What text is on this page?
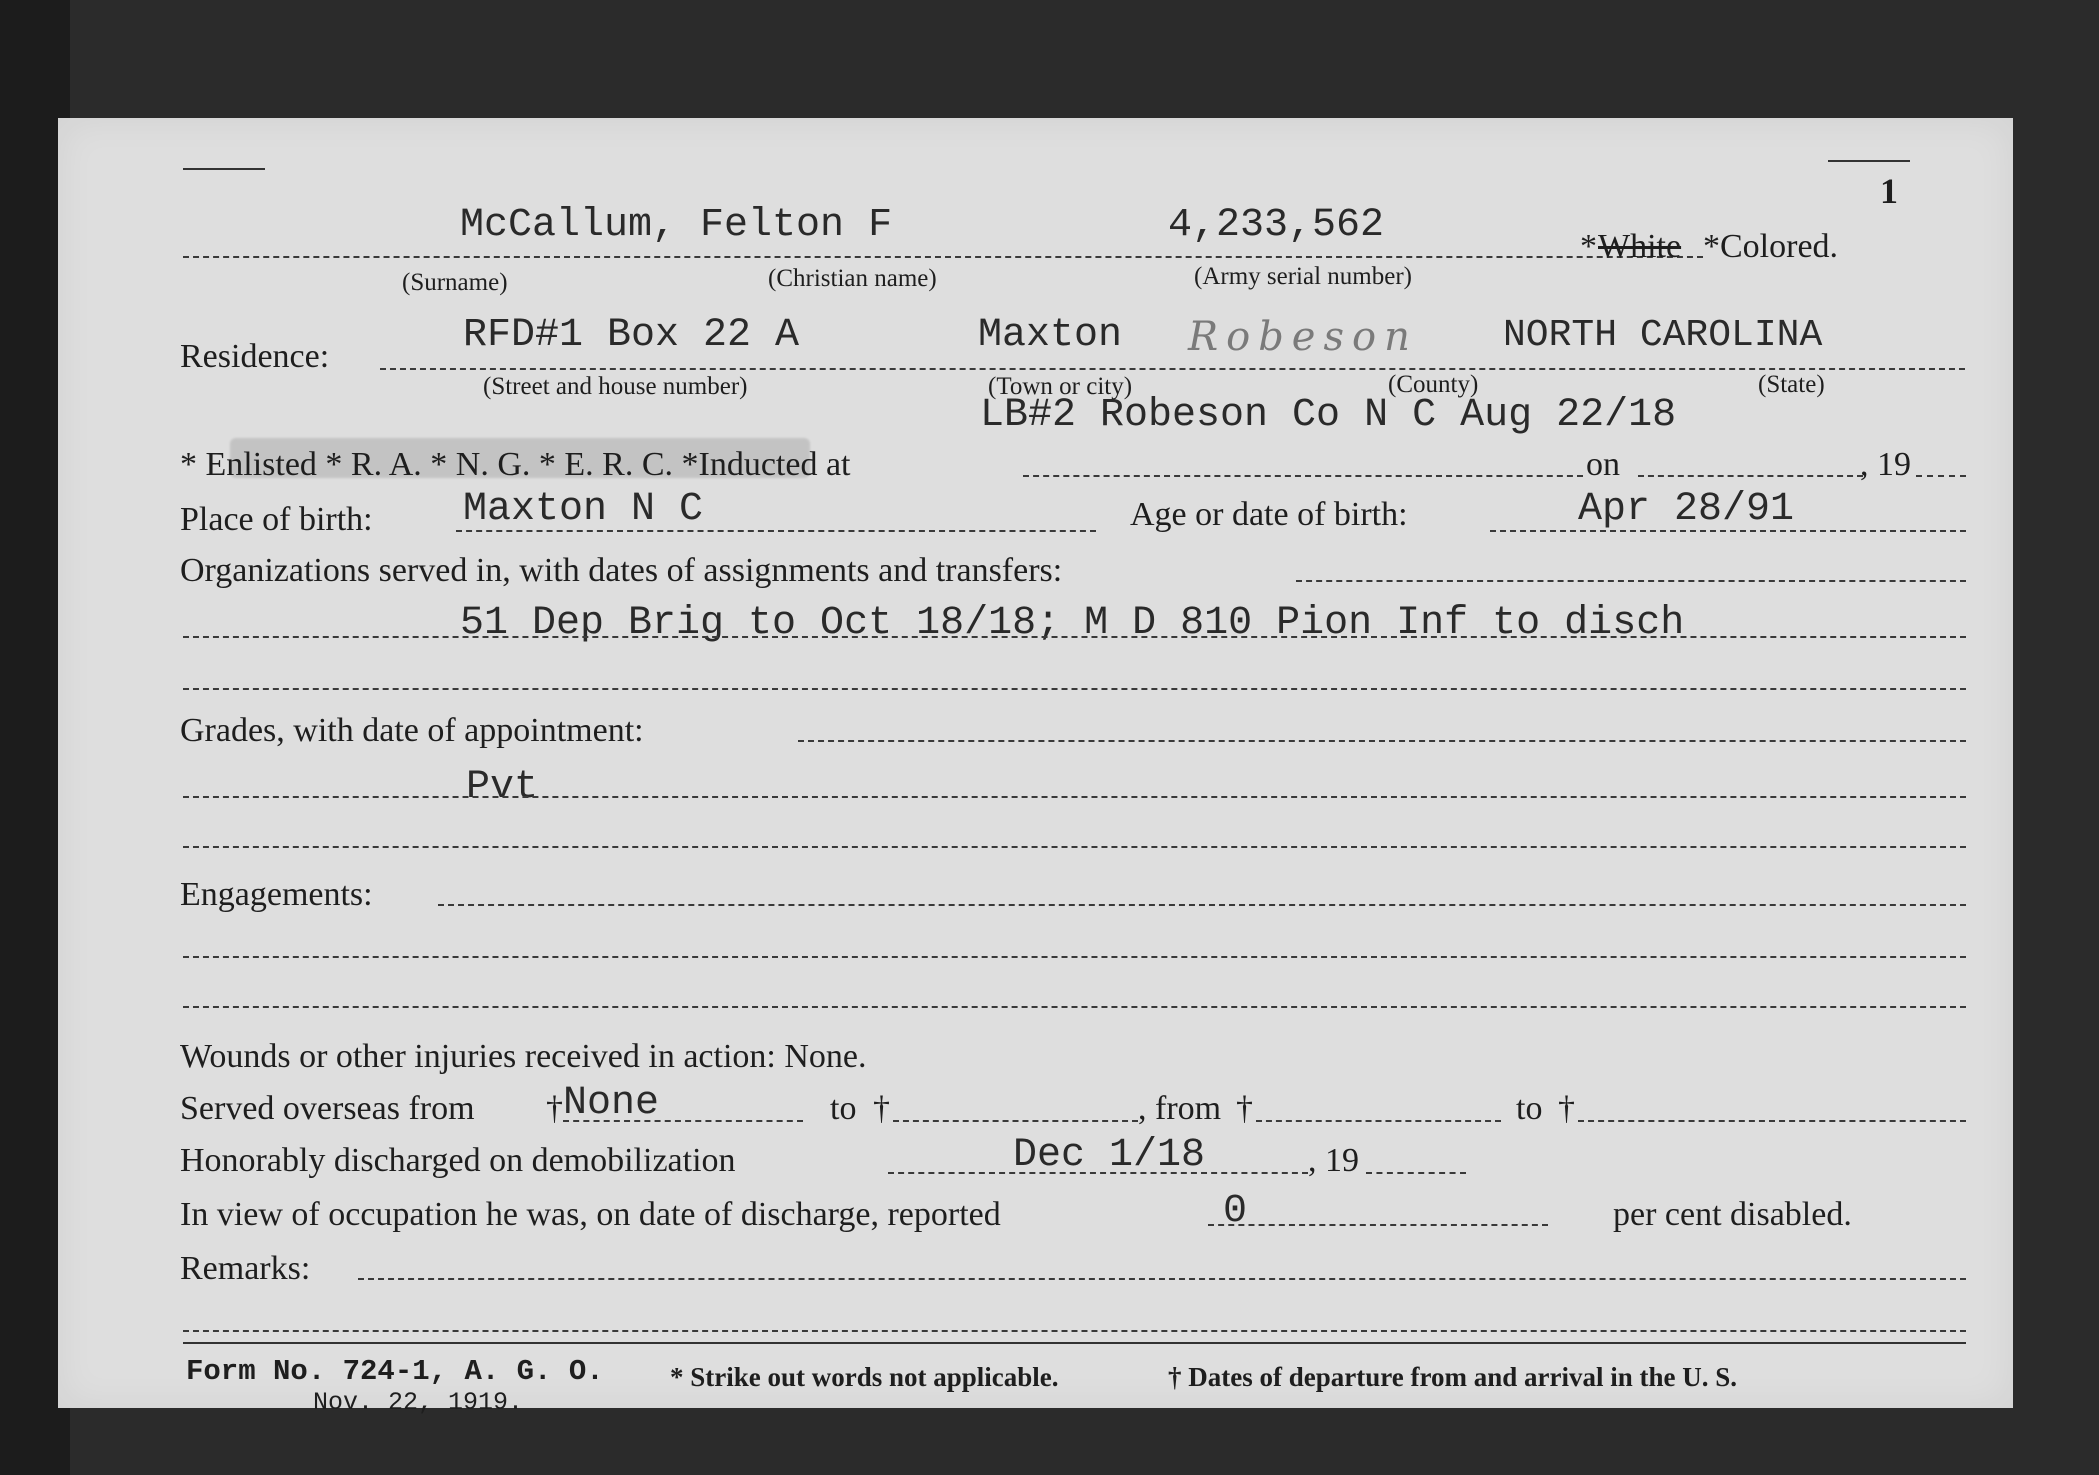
1
McCallum, Felton F	4,233,562	* White * Colored.
(Surname)	(Christian name)	(Army serial number)
Residence:	RFD#1 Box 22 A	Maxton Robeson NORTH CAROLINA
(Street and house number)	(Town or city)	(County)	(State)
LB#2 Robeson Co N C Aug 22/18
* Enlisted * R. A. * N. G. * E. R. C. *Inducted at	on	, 19
Place of birth: Maxton N C	Age or date of birth:	Apr 28/91
Organizations served in, with dates of assignments and transfers:
51 Dep Brig to Oct 18/18; M D 810 Pion Inf to disch
Grades, with date of appointment:
Pvt
Engagements:
Wounds or other injuries received in action: None.
Served overseas from † None	to †	, from †	to †
Honorably discharged on demobilization	Dec 1/18	, 19
In view of occupation he was, on date of discharge, reported	0	per cent disabled.
Remarks:
Form No. 724-1, A. G. O.
Nov. 22, 1919.
* Strike out words not applicable.	† Dates of departure from and arrival in the U. S.
